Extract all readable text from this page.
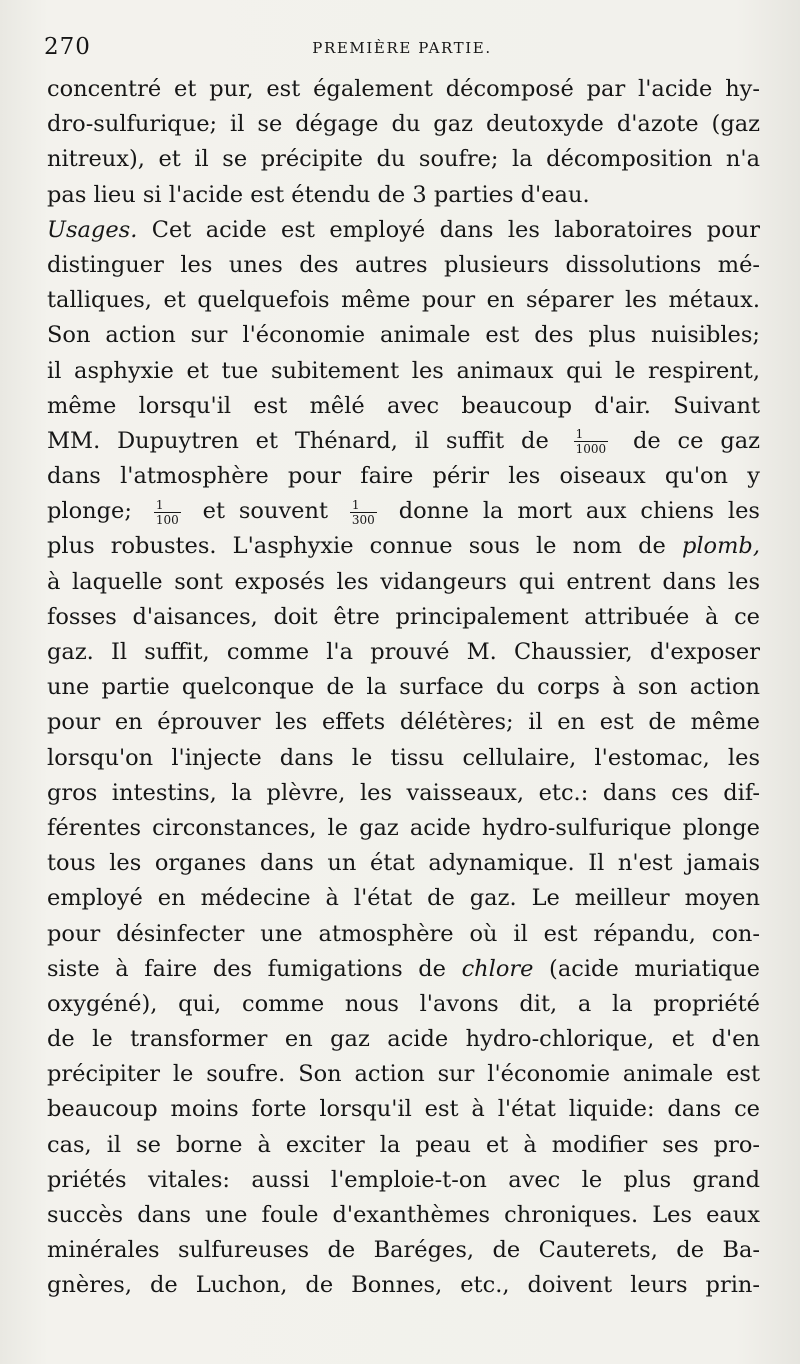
270	PREMIÈRE PARTIE.
concentré et pur, est également décomposé par l'acide hy-
dro-sulfurique; il se dégage du gaz deutoxyde d'azote (gaz
nitreux), et il se précipite du soufre; la décomposition n'a
pas lieu si l'acide est étendu de 3 parties d'eau.
Usages. Cet acide est employé dans les laboratoires pour
distinguer les unes des autres plusieurs dissolutions mé-
talliques, et quelquefois même pour en séparer les métaux.
Son action sur l'économie animale est des plus nuisibles;
il asphyxie et tue subitement les animaux qui le respirent,
même lorsqu'il est mêlé avec beaucoup d'air. Suivant
MM. Dupuytren et Thénard, il suffit de $\frac{1}{1000}$ de ce gaz
dans l'atmosphère pour faire périr les oiseaux qu'on y
plonge; $\frac{1}{100}$ et souvent $\frac{1}{300}$ donne la mort aux chiens les
plus robustes. L'asphyxie connue sous le nom de plomb,
à laquelle sont exposés les vidangeurs qui entrent dans les
fosses d'aisances, doit être principalement attribuée à ce
gaz. Il suffit, comme l'a prouvé M. Chaussier, d'exposer
une partie quelconque de la surface du corps à son action
pour en éprouver les effets délétères; il en est de même
lorsqu'on l'injecte dans le tissu cellulaire, l'estomac, les
gros intestins, la plèvre, les vaisseaux, etc.: dans ces dif-
férentes circonstances, le gaz acide hydro-sulfurique plonge
tous les organes dans un état adynamique. Il n'est jamais
employé en médecine à l'état de gaz. Le meilleur moyen
pour désinfecter une atmosphère où il est répandu, con-
siste à faire des fumigations de chlore (acide muriatique
oxygéné), qui, comme nous l'avons dit, a la propriété
de le transformer en gaz acide hydro-chlorique, et d'en
précipiter le soufre. Son action sur l'économie animale est
beaucoup moins forte lorsqu'il est à l'état liquide: dans ce
cas, il se borne à exciter la peau et à modifier ses pro-
priétés vitales: aussi l'emploie-t-on avec le plus grand
succès dans une foule d'exanthèmes chroniques. Les eaux
minérales sulfureuses de Baréges, de Cauterets, de Ba-
gnères, de Luchon, de Bonnes, etc., doivent leurs prin-
